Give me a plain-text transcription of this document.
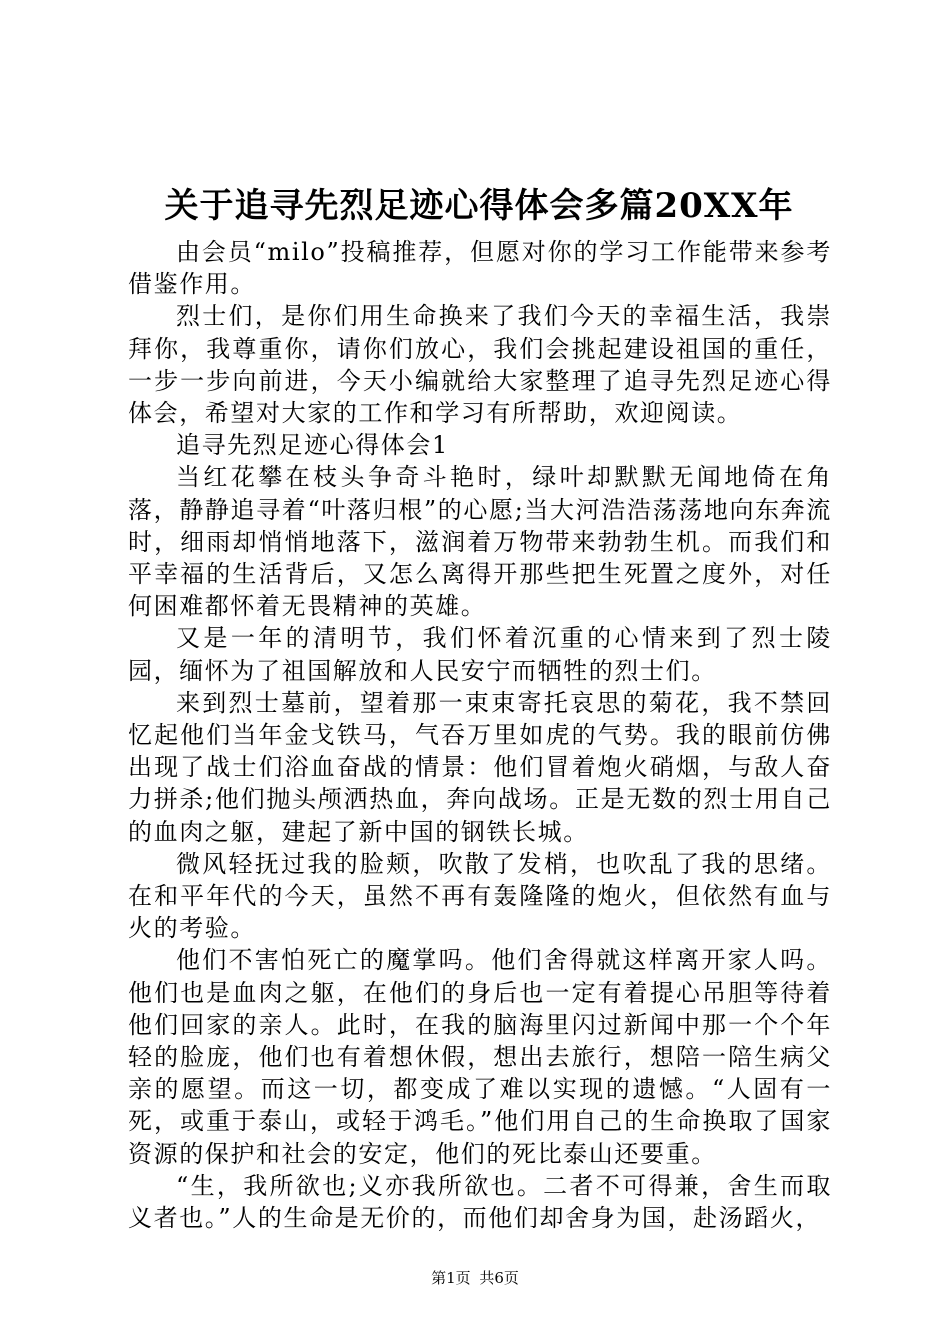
关于追寻先烈足迹心得体会多篇20XX年

由会员“milo”投稿推荐，但愿对你的学习工作能带来参考借鉴作用。

烈士们，是你们用生命换来了我们今天的幸福生活，我崇拜你，我尊重你，请你们放心，我们会挑起建设祖国的重任，一步一步向前进，今天小编就给大家整理了追寻先烈足迹心得体会，希望对大家的工作和学习有所帮助，欢迎阅读。

追寻先烈足迹心得体会1

当红花攀在枝头争奇斗艳时，绿叶却默默无闻地倚在角落，静静追寻着“叶落归根”的心愿;当大河浩浩荡荡地向东奔流时，细雨却悄悄地落下，滋润着万物带来勃勃生机。而我们和平幸福的生活背后，又怎么离得开那些把生死置之度外，对任何困难都怀着无畏精神的英雄。

又是一年的清明节，我们怀着沉重的心情来到了烈士陵园，缅怀为了祖国解放和人民安宁而牺牲的烈士们。

来到烈士墓前，望着那一束束寄托哀思的菊花，我不禁回忆起他们当年金戈铁马，气吞万里如虎的气势。我的眼前仿佛出现了战士们浴血奋战的情景：他们冒着炮火硝烟，与敌人奋力拼杀;他们抛头颅洒热血，奔向战场。正是无数的烈士用自己的血肉之躯，建起了新中国的钢铁长城。

微风轻抚过我的脸颊，吹散了发梢，也吹乱了我的思绪。在和平年代的今天，虽然不再有轰隆隆的炮火，但依然有血与火的考验。

他们不害怕死亡的魔掌吗。他们舍得就这样离开家人吗。他们也是血肉之躯，在他们的身后也一定有着提心吊胆等待着他们回家的亲人。此时，在我的脑海里闪过新闻中那一个个年轻的脸庞，他们也有着想休假，想出去旅行，想陪一陪生病父亲的愿望。而这一切，都变成了难以实现的遗憾。“人固有一死，或重于泰山，或轻于鸿毛。”他们用自己的生命换取了国家资源的保护和社会的安定，他们的死比泰山还要重。

“生，我所欲也;义亦我所欲也。二者不可得兼，舍生而取义者也。”人的生命是无价的，而他们却舍身为国，赴汤蹈火，

第1页 共6页
